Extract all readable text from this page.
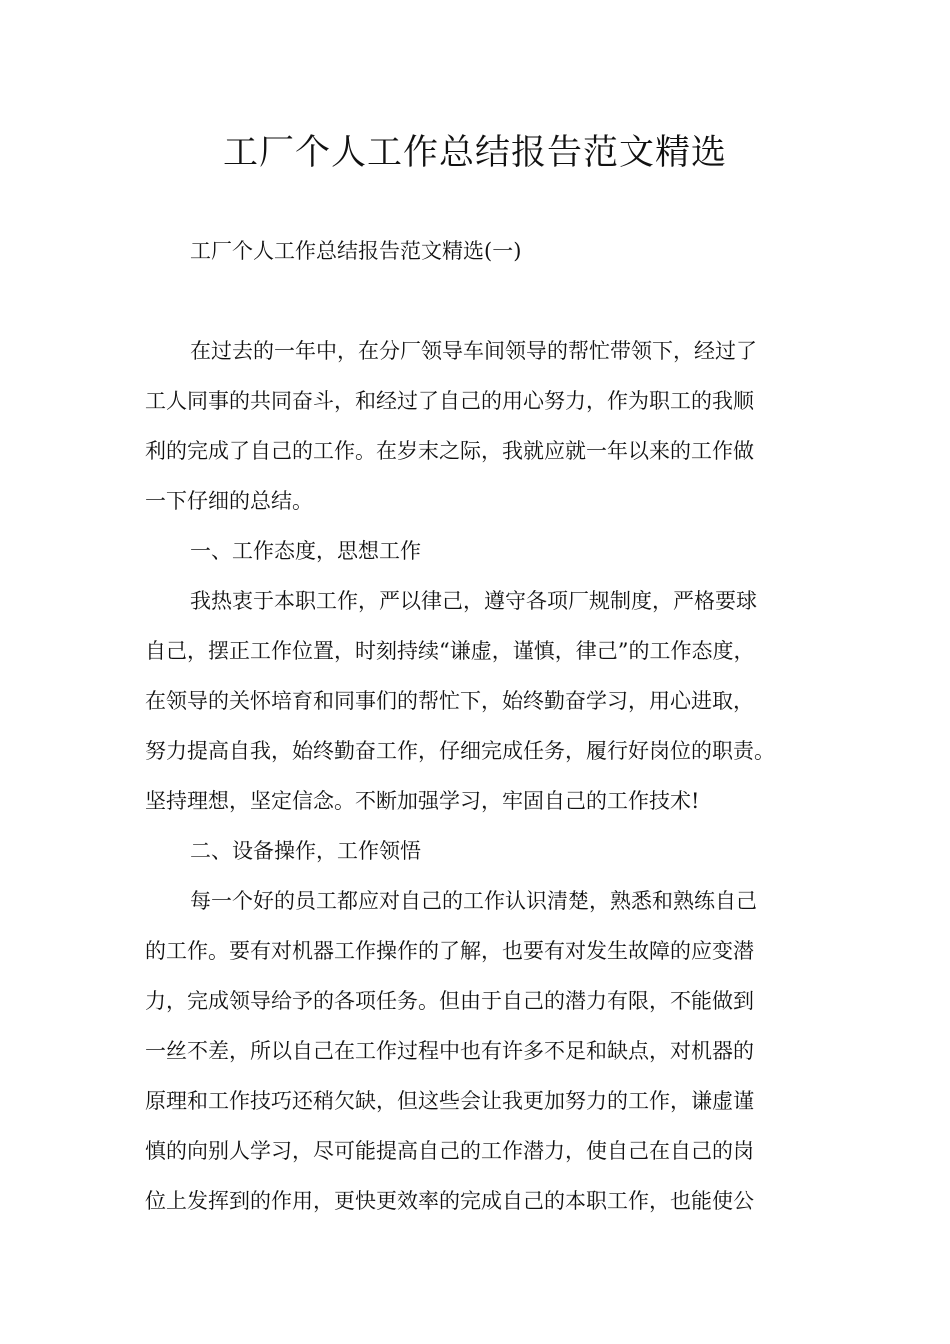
工厂个人工作总结报告范文精选

工厂个人工作总结报告范文精选(一)

在过去的一年中，在分厂领导车间领导的帮忙带领下，经过了

工人同事的共同奋斗，和经过了自己的用心努力，作为职工的我顺

利的完成了自己的工作。在岁末之际，我就应就一年以来的工作做

一下仔细的总结。

一、工作态度，思想工作

我热衷于本职工作，严以律己，遵守各项厂规制度，严格要球

自己，摆正工作位置，时刻持续“谦虚，谨慎，律己”的工作态度，

在领导的关怀培育和同事们的帮忙下，始终勤奋学习，用心进取，

努力提高自我，始终勤奋工作，仔细完成任务，履行好岗位的职责。

坚持理想，坚定信念。不断加强学习，牢固自己的工作技术!

二、设备操作，工作领悟

每一个好的员工都应对自己的工作认识清楚，熟悉和熟练自己

的工作。要有对机器工作操作的了解，也要有对发生故障的应变潜

力，完成领导给予的各项任务。但由于自己的潜力有限，不能做到

一丝不差，所以自己在工作过程中也有许多不足和缺点，对机器的

原理和工作技巧还稍欠缺，但这些会让我更加努力的工作，谦虚谨

慎的向别人学习，尽可能提高自己的工作潜力，使自己在自己的岗

位上发挥到的作用，更快更效率的完成自己的本职工作，也能使公
